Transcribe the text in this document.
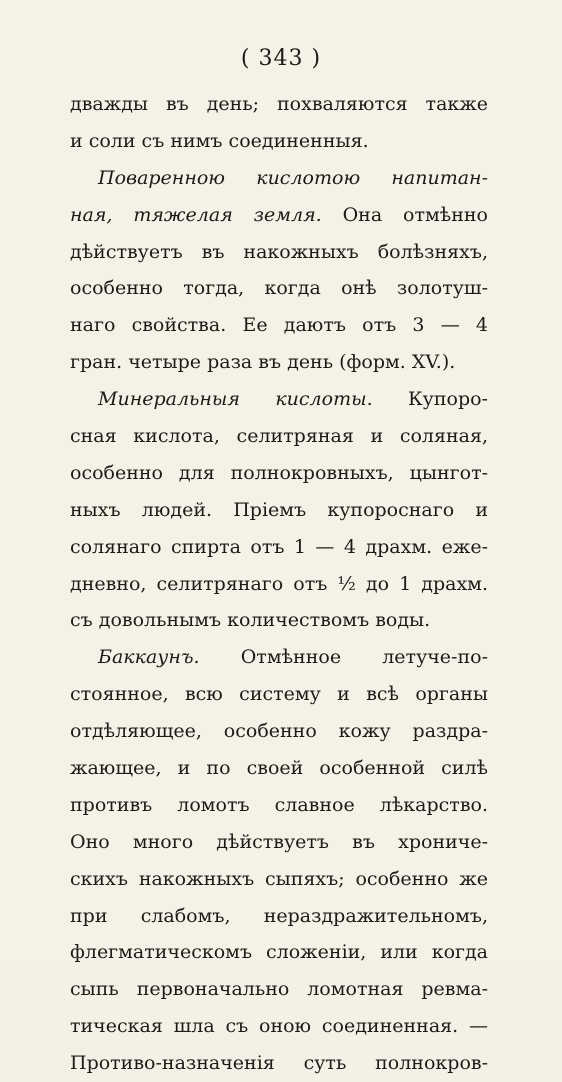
( 343 )
дважды въ день; похваляются также
и соли съ нимъ соединенныя.
Поваренною кислотою напитан-
ная, тяжелая земля. Она отмѣнно
дѣйствуетъ въ накожныхъ болѣзняхъ,
особенно тогда, когда онѣ золотуш-
наго свойства. Ее даютъ отъ 3 — 4
гран. четыре раза въ день (форм. XV.).
Минеральныя кислоты. Купоро-
сная кислота, селитряная и соляная,
особенно для полнокровныхъ, цынгот-
ныхъ людей. Пріемъ купороснаго и
солянаго спирта отъ 1 — 4 драхм. еже-
дневно, селитрянаго отъ ½ до 1 драхм.
съ довольнымъ количествомъ воды.
Баккаунъ. Отмѣнное летуче-по-
стоянное, всю систему и всѣ органы
отдѣляющее, особенно кожу раздра-
жающее, и по своей особенной силѣ
противъ ломотъ славное лѣкарство.
Оно много дѣйствуетъ въ хрониче-
скихъ накожныхъ сыпяхъ; особенно же
при слабомъ, нераздражительномъ,
флегматическомъ сложеніи, или когда
сыпь первоначально ломотная ревма-
тическая шла съ оною соединенная. —
Противо-назначенія суть полнокров-
